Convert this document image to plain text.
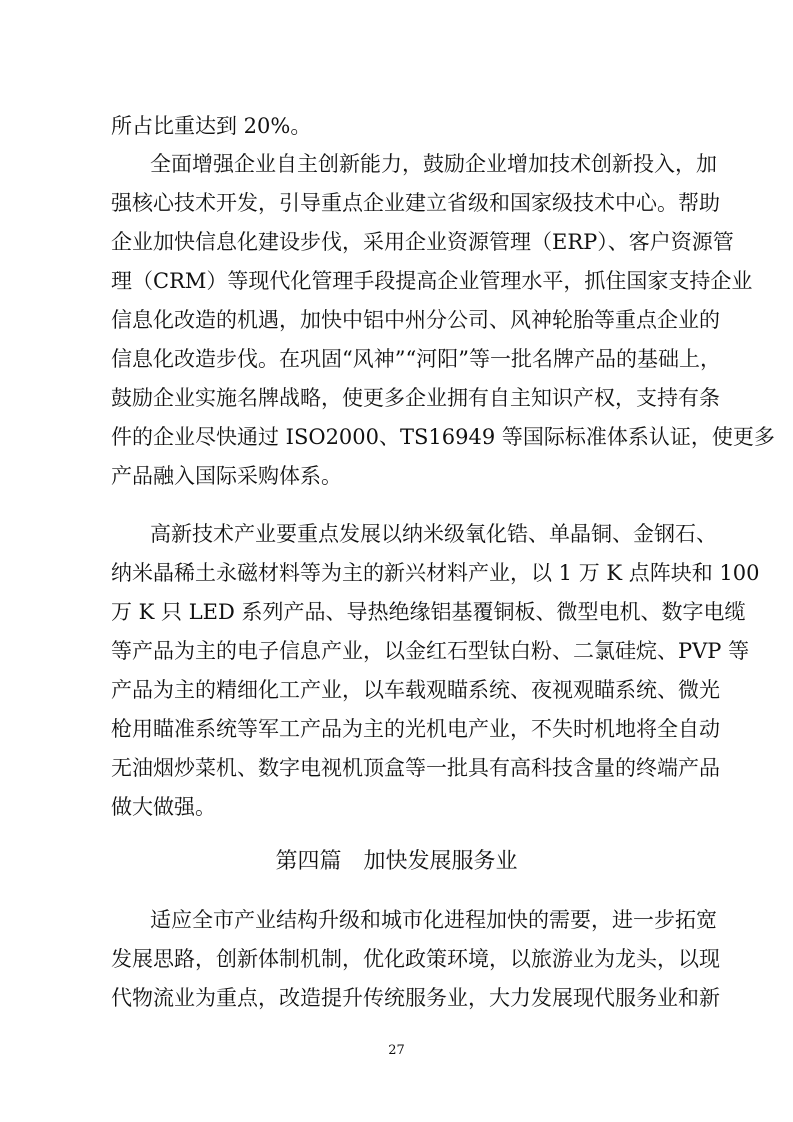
所占比重达到 20%。
全面增强企业自主创新能力，鼓励企业增加技术创新投入，加
强核心技术开发，引导重点企业建立省级和国家级技术中心。帮助
企业加快信息化建设步伐，采用企业资源管理（ERP）、客户资源管
理（CRM）等现代化管理手段提高企业管理水平，抓住国家支持企业
信息化改造的机遇，加快中铝中州分公司、风神轮胎等重点企业的
信息化改造步伐。在巩固“风神”“河阳”等一批名牌产品的基础上，
鼓励企业实施名牌战略，使更多企业拥有自主知识产权，支持有条
件的企业尽快通过 ISO2000、TS16949 等国际标准体系认证，使更多
产品融入国际采购体系。
高新技术产业要重点发展以纳米级氧化锆、单晶铜、金钢石、
纳米晶稀土永磁材料等为主的新兴材料产业，以 1 万 K 点阵块和 100
万 K 只 LED 系列产品、导热绝缘铝基覆铜板、微型电机、数字电缆
等产品为主的电子信息产业，以金红石型钛白粉、二氯硅烷、PVP 等
产品为主的精细化工产业，以车载观瞄系统、夜视观瞄系统、微光
枪用瞄准系统等军工产品为主的光机电产业，不失时机地将全自动
无油烟炒菜机、数字电视机顶盒等一批具有高科技含量的终端产品
做大做强。
第四篇　加快发展服务业
适应全市产业结构升级和城市化进程加快的需要，进一步拓宽
发展思路，创新体制机制，优化政策环境，以旅游业为龙头，以现
代物流业为重点，改造提升传统服务业，大力发展现代服务业和新
27
